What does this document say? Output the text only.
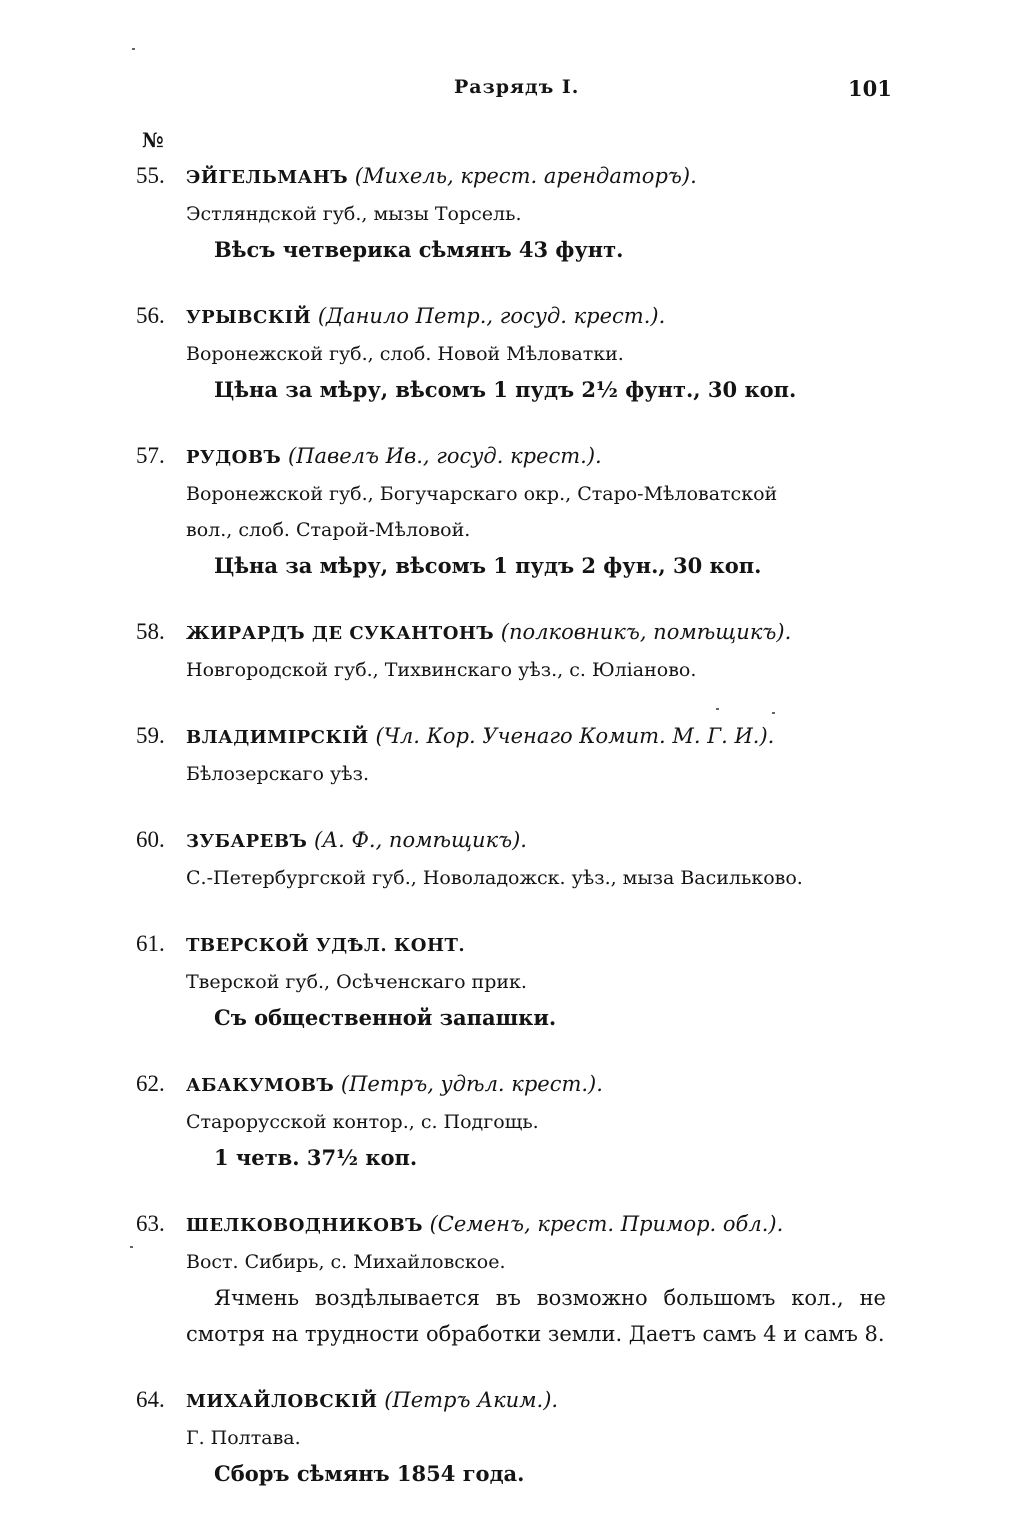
Разрядъ I.	101
№
55. ЭЙГЕЛЬМАНЪ (Михель, крест. арендаторъ).
Эстляндской губ., мызы Торсель.
Вѣсъ четверика сѣмянъ 43 фунт.
56. УРЫВСКІЙ (Данило Петр., госуд. крест.).
Воронежской губ., слоб. Новой Мѣловатки.
Цѣна за мѣру, вѣсомъ 1 пудъ 2½ фунт., 30 коп.
57. РУДОВЪ (Павелъ Ив., госуд. крест.).
Воронежской губ., Богучарскаго окр., Старо-Мѣловатской
вол., слоб. Старой-Мѣловой.
Цѣна за мѣру, вѣсомъ 1 пудъ 2 фун., 30 коп.
58. ЖИРАРДЪ ДЕ СУКАНТОНЪ (полковникъ, помѣщикъ).
Новгородской губ., Тихвинскаго уѣз., с. Юліаново.
59. ВЛАДИМІРСКІЙ (Чл. Кор. Ученаго Комит. М. Г. И.).
Бѣлозерскаго уѣз.
60. ЗУБАРЕВЪ (А. Ф., помѣщикъ).
С.-Петербургской губ., Новоладожск. уѣз., мыза Васильково.
61. ТВЕРСКОЙ УДѢЛ. КОНТ.
Тверской губ., Осѣченскаго прик.
Съ общественной запашки.
62. АБАКУМОВЪ (Петръ, удѣл. крест.).
Старорусской контор., с. Подгощь.
1 четв. 37½ коп.
63. ШЕЛКОВОДНИКОВЪ (Семенъ, крест. Примор. обл.).
Вост. Сибирь, с. Михайловское.
Ячмень воздѣлывается въ возможно большомъ кол., не смотря на трудности обработки земли. Даетъ самъ 4 и самъ 8.
64. МИХАЙЛОВСКІЙ (Петръ Аким.).
Г. Полтава.
Сборъ сѣмянъ 1854 года.
